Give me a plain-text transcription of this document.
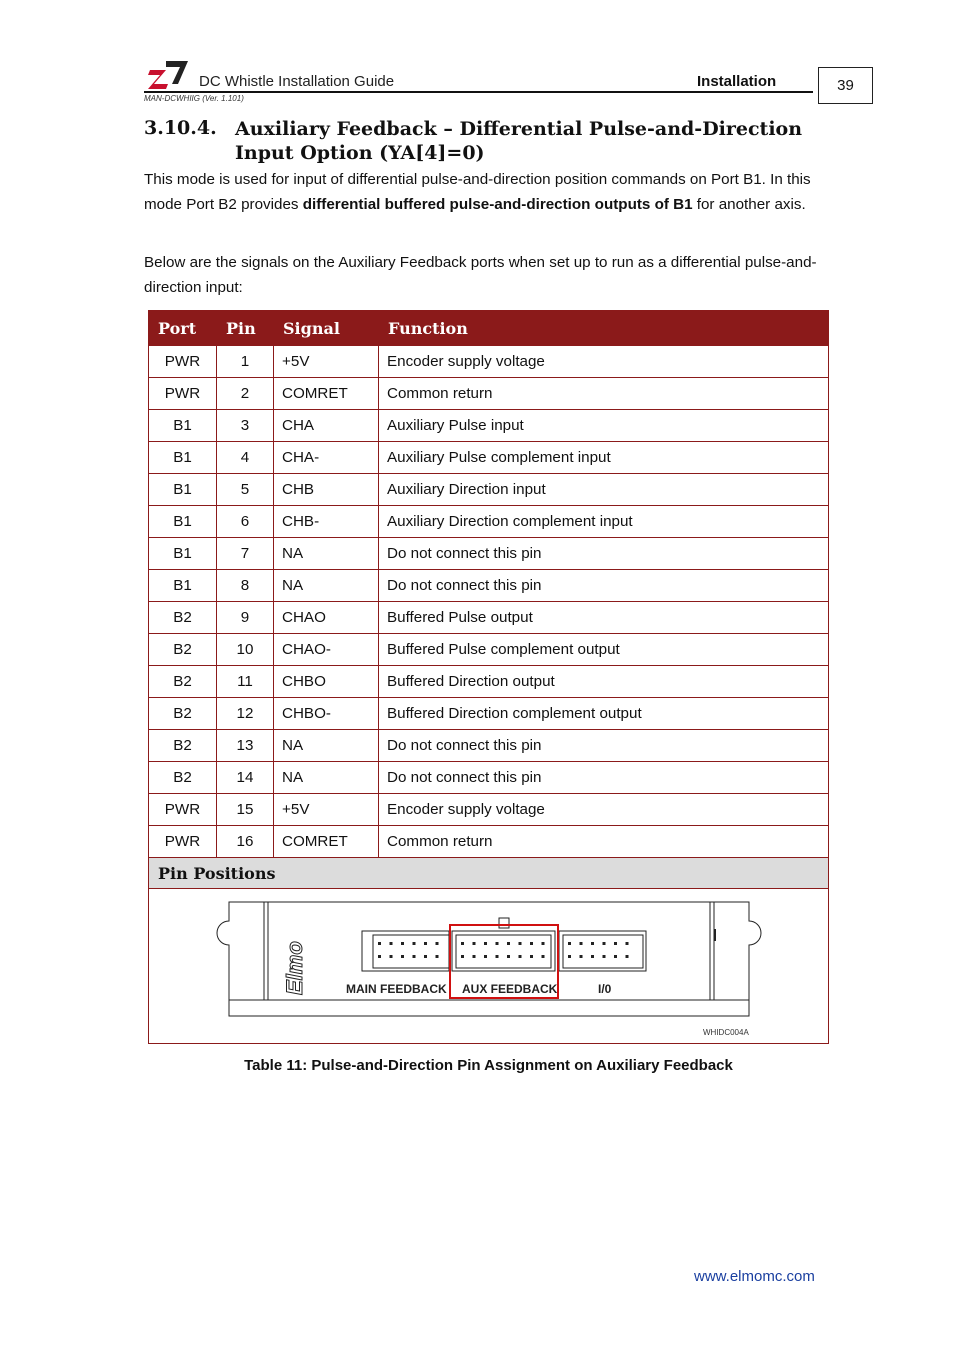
DC Whistle Installation Guide	Installation
MAN-DCWHIIG (Ver. 1.101)
39
3.10.4. Auxiliary Feedback – Differential Pulse-and-Direction Input Option (YA[4]=0)
This mode is used for input of differential pulse-and-direction position commands on Port B1. In this mode Port B2 provides differential buffered pulse-and-direction outputs of B1 for another axis.
Below are the signals on the Auxiliary Feedback ports when set up to run as a differential pulse-and-direction input:
Port	Pin	Signal	Function
PWR	1	+5V	Encoder supply voltage
PWR	2	COMRET	Common return
B1	3	CHA	Auxiliary Pulse input
B1	4	CHA-	Auxiliary Pulse complement input
B1	5	CHB	Auxiliary Direction input
B1	6	CHB-	Auxiliary Direction complement input
B1	7	NA	Do not connect this pin
B1	8	NA	Do not connect this pin
B2	9	CHAO	Buffered Pulse output
B2	10	CHAO-	Buffered Pulse complement output
B2	11	CHBO	Buffered Direction output
B2	12	CHBO-	Buffered Direction complement output
B2	13	NA	Do not connect this pin
B2	14	NA	Do not connect this pin
PWR	15	+5V	Encoder supply voltage
PWR	16	COMRET	Common return
Pin Positions			

Elmo MAIN FEEDBACK AUX FEEDBACK I/0
WHIDC004A			
Table 11: Pulse-and-Direction Pin Assignment on Auxiliary Feedback
www.elmomc.com
